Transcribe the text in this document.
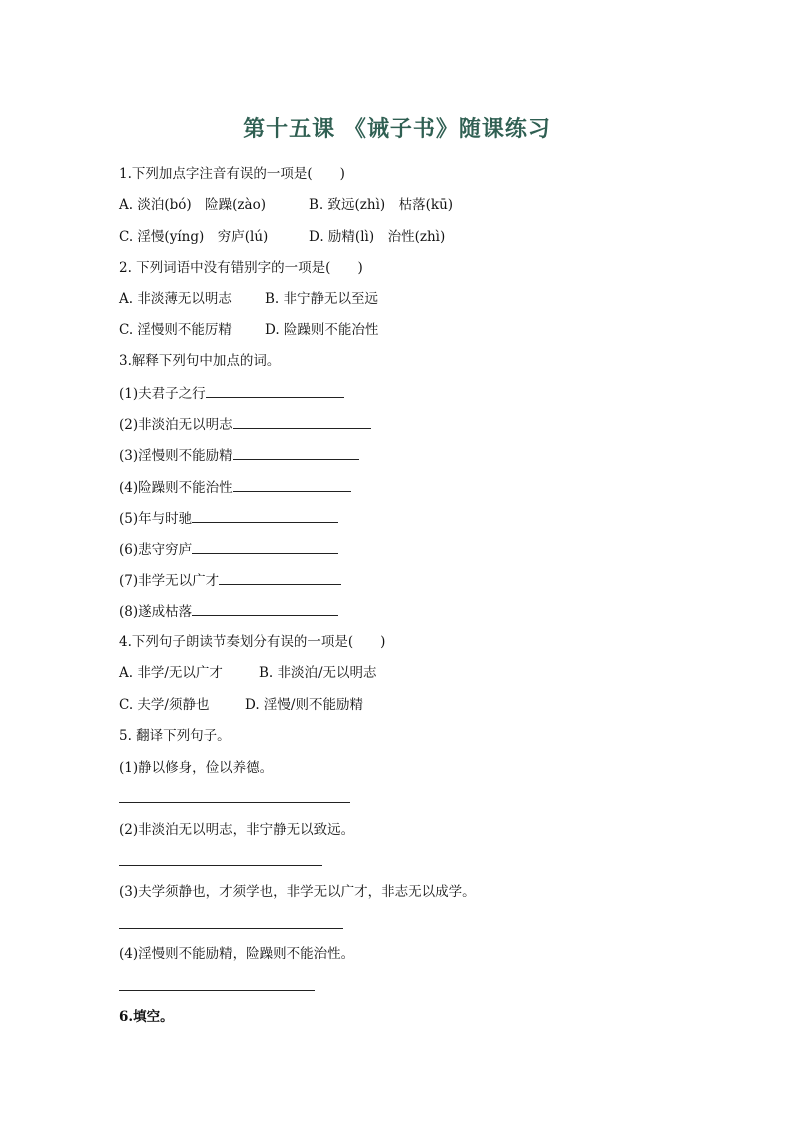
第十五课 《诫子书》随课练习
1.下列加点字注音有误的一项是(　　)
A. 淡泊(bó)　险躁(zào)	B. 致远(zhì)　枯落(kū)
C. 淫慢(yíng)　穷庐(lú)	D. 励精(lì)　治性(zhì)
2. 下列词语中没有错别字的一项是(　　)
A. 非淡薄无以明志 B. 非宁静无以至远
C. 淫慢则不能厉精 D. 险躁则不能冶性
3.解释下列句中加点的词。
(1)夫君子之行
(2)非淡泊无以明志
(3)淫慢则不能励精
(4)险躁则不能治性
(5)年与时驰
(6)悲守穷庐
(7)非学无以广才
(8)遂成枯落
4.下列句子朗读节奏划分有误的一项是(　　)
A. 非学/无以广才	B. 非淡泊/无以明志
C. 夫学/须静也	D. 淫慢/则不能励精
5. 翻译下列句子。
(1)静以修身，俭以养德。
(2)非淡泊无以明志，非宁静无以致远。
(3)夫学须静也，才须学也，非学无以广才，非志无以成学。
(4)淫慢则不能励精，险躁则不能治性。
6.填空。
